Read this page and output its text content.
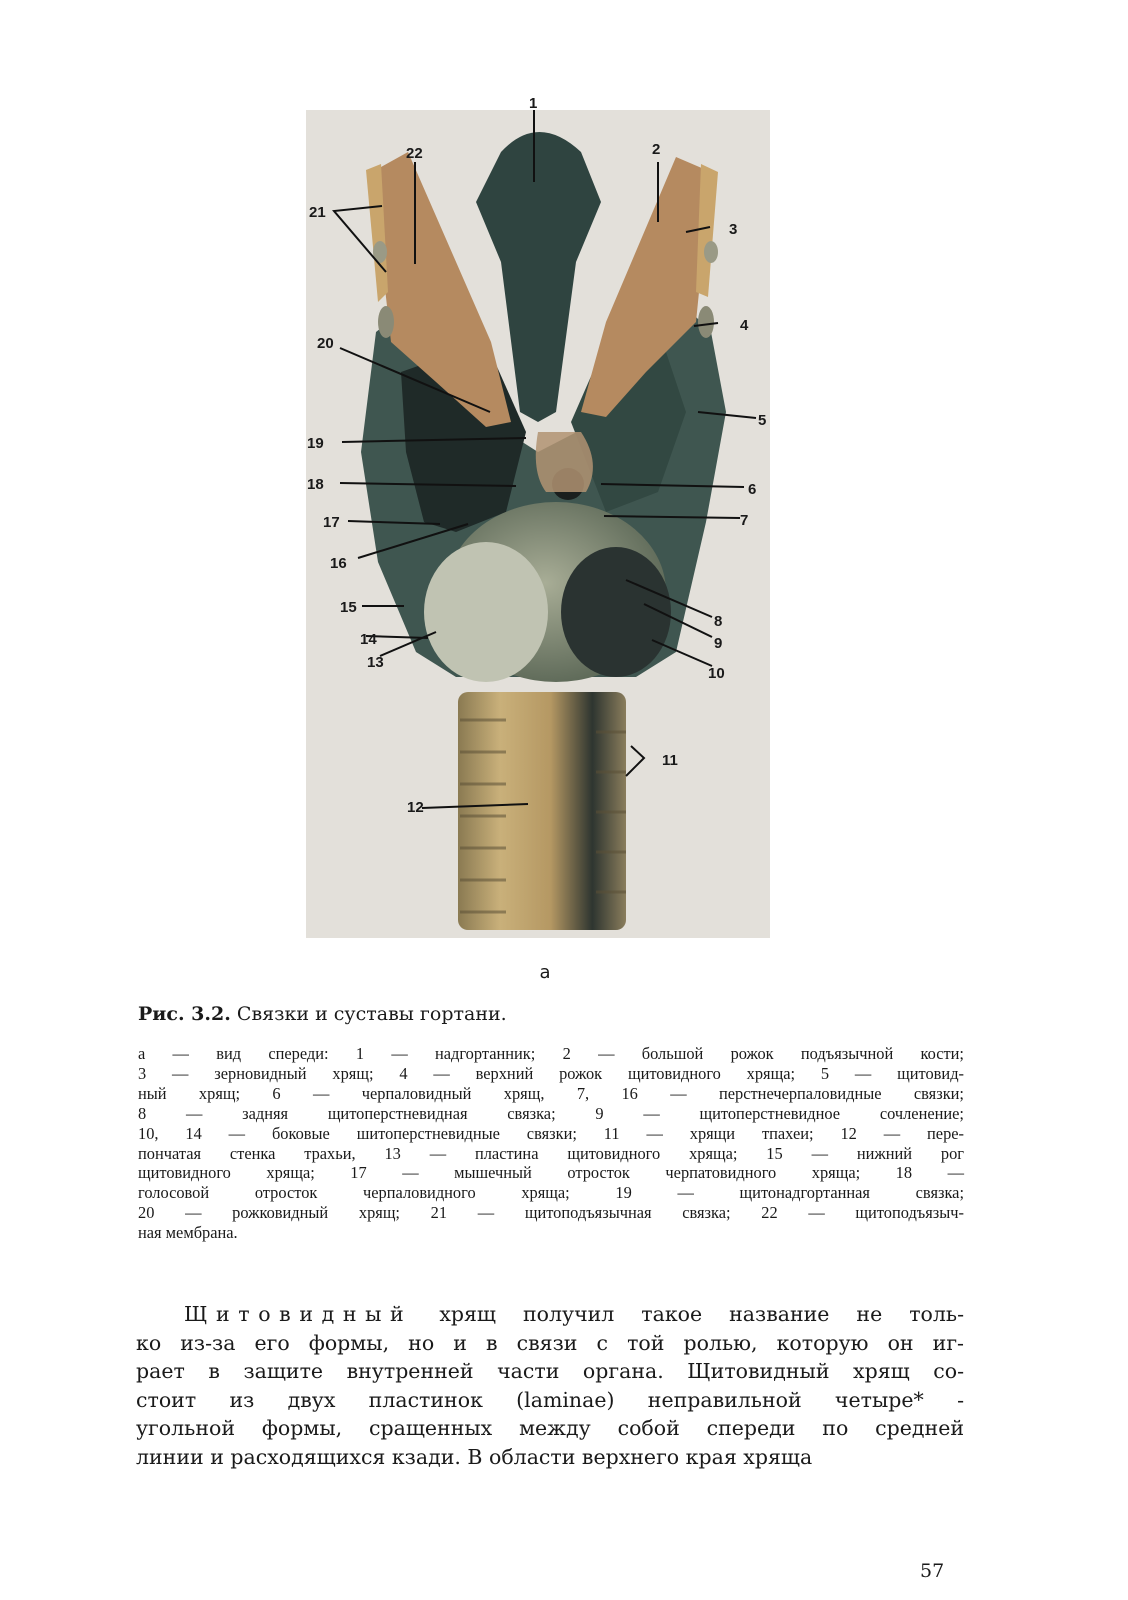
1
2
3
4
5
6
7
8
9
10
11
12
13
14
15
16
17
18
19
20
21
22
а
Рис. 3.2. Связки и суставы гортани.
а — вид спереди: 1 — надгортанник; 2 — большой рожок подъязычной кости;
3 — зерновидный хрящ; 4 — верхний рожок щитовидного хряща; 5 — щитовид-
ный хрящ; 6 — черпаловидный хрящ, 7, 16 — перстнечерпаловидные связки;
8 — задняя щитоперстневидная связка; 9 — щитоперстневидное сочленение;
10, 14 — боковые шитоперстневидные связки; 11 — хрящи тпахеи; 12 — пере-
пончатая стенка трахьи, 13 — пластина щитовидного хряща; 15 — нижний рог
щитовидного хряща; 17 — мышечный отросток черпатовидного хряща; 18 —
голосовой отросток черпаловидного хряща; 19 — щитонадгортанная связка;
20 — рожковидный хрящ; 21 — щитоподъязычная связка; 22 — щитоподъязыч-
ная мембрана.
Щитовидный хрящ получил такое название не толь-
ко из-за его формы, но и в связи с той ролью, которую он иг-
рает в защите внутренней части органа. Щитовидный хрящ со-
стоит из двух пластинок (laminae) неправильной четыре* -
угольной формы, сращенных между собой спереди по средней
линии и расходящихся кзади. В области верхнего края хряща
57
